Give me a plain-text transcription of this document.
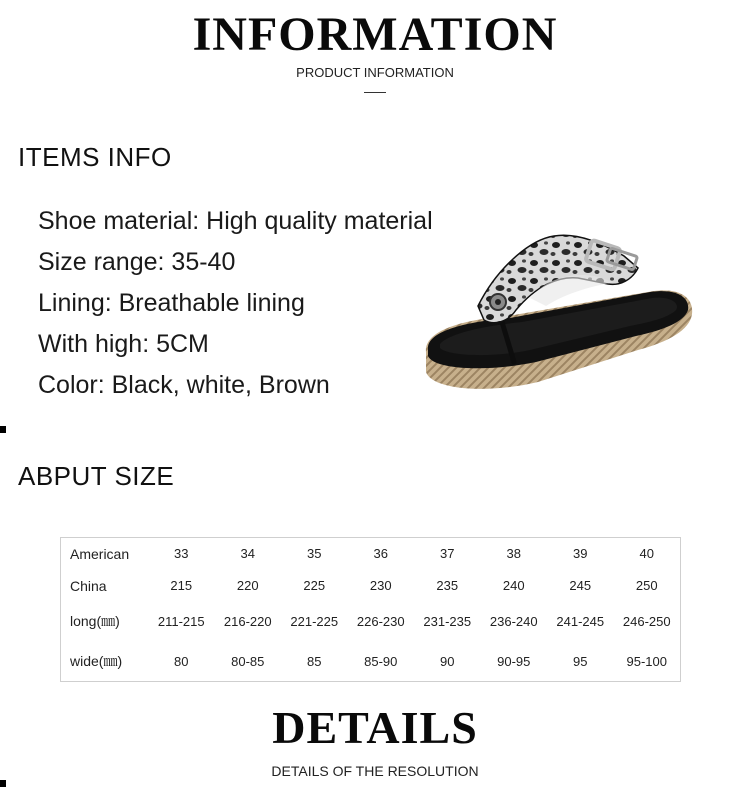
INFORMATION
PRODUCT INFORMATION
ITEMS INFO
Shoe material: High quality material
Size range: 35-40
Lining: Breathable lining
With high: 5CM
Color: Black, white, Brown
ABPUT SIZE
American	33	34	35	36	37	38	39	40
China	215	220	225	230	235	240	245	250
long(㎜)	211-215	216-220	221-225	226-230	231-235	236-240	241-245	246-250
wide(㎜)	80	80-85	85	85-90	90	90-95	95	95-100
DETAILS
DETAILS OF THE RESOLUTION
